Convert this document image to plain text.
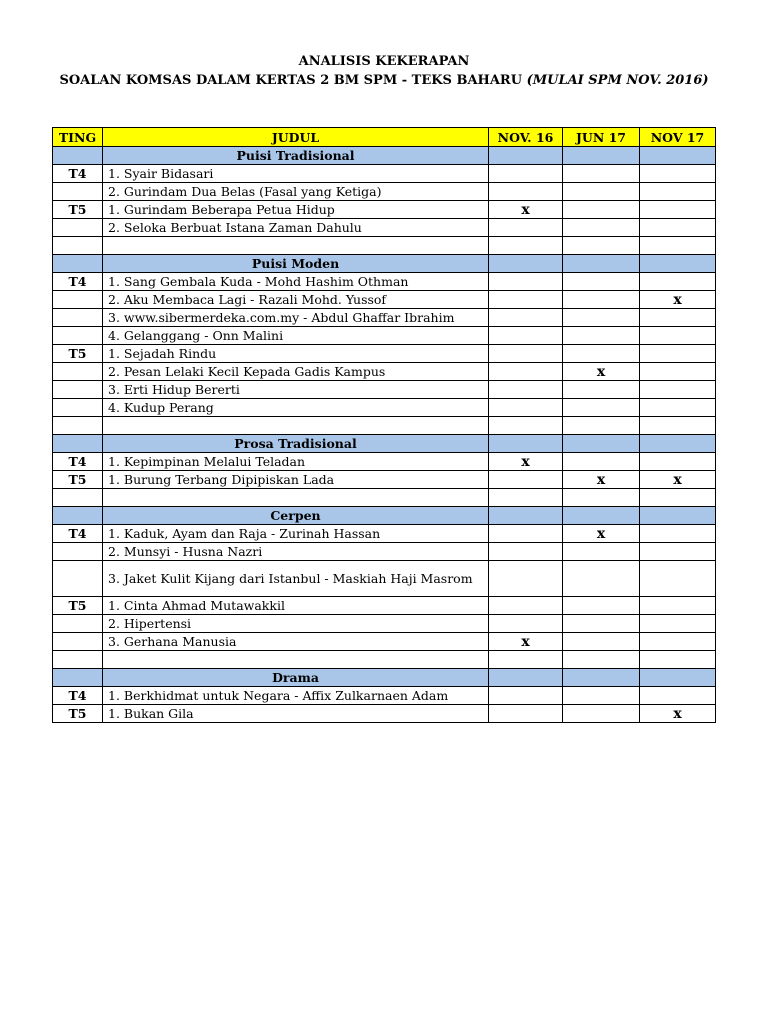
ANALISIS KEKERAPAN
SOALAN KOMSAS DALAM KERTAS 2 BM SPM - TEKS BAHARU (MULAI SPM NOV. 2016)
TING	JUDUL	NOV. 16	JUN 17	NOV 17
	Puisi Tradisional			
T4	1. Syair Bidasari			
	2. Gurindam Dua Belas (Fasal yang Ketiga)			
T5	1. Gurindam Beberapa Petua Hidup	x		
	2. Seloka Berbuat Istana Zaman Dahulu			

	Puisi Moden			
T4	1. Sang Gembala Kuda - Mohd Hashim Othman			
	2. Aku Membaca Lagi - Razali Mohd. Yussof			x
	3. www.sibermerdeka.com.my - Abdul Ghaffar Ibrahim			
	4. Gelanggang - Onn Malini			
T5	1. Sejadah Rindu			
	2. Pesan Lelaki Kecil Kepada Gadis Kampus		x	
	3. Erti Hidup Bererti			
	4. Kudup Perang			

	Prosa Tradisional			
T4	1. Kepimpinan Melalui Teladan	x		
T5	1. Burung Terbang Dipipiskan Lada		x	x

	Cerpen			
T4	1. Kaduk, Ayam dan Raja - Zurinah Hassan		x	
	2. Munsyi - Husna Nazri			
	3. Jaket Kulit Kijang dari Istanbul - Maskiah Haji Masrom			
T5	1. Cinta Ahmad Mutawakkil			
	2. Hipertensi			
	3. Gerhana Manusia	x		

	Drama			
T4	1. Berkhidmat untuk Negara - Affix Zulkarnaen Adam			
T5	1. Bukan Gila			x
